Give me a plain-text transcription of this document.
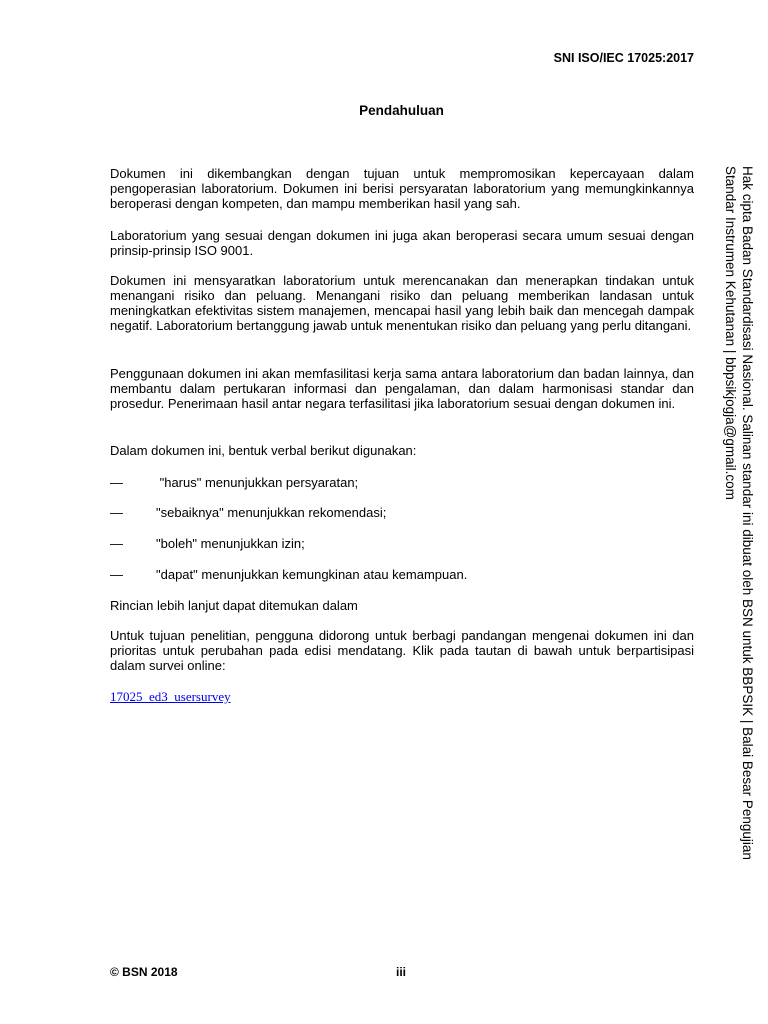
SNI ISO/IEC 17025:2017
Pendahuluan

Dokumen ini dikembangkan dengan tujuan untuk mempromosikan kepercayaan dalam pengoperasian laboratorium. Dokumen ini berisi persyaratan laboratorium yang memungkinkannya beroperasi dengan kompeten, dan mampu memberikan hasil yang sah.

Laboratorium yang sesuai dengan dokumen ini juga akan beroperasi secara umum sesuai dengan prinsip-prinsip ISO 9001.

Dokumen ini mensyaratkan laboratorium untuk merencanakan dan menerapkan tindakan untuk menangani risiko dan peluang. Menangani risiko dan peluang memberikan landasan untuk meningkatkan efektivitas sistem manajemen, mencapai hasil yang lebih baik dan mencegah dampak negatif. Laboratorium bertanggung jawab untuk menentukan risiko dan peluang yang perlu ditangani.

Penggunaan dokumen ini akan memfasilitasi kerja sama antara laboratorium dan badan lainnya, dan membantu dalam pertukaran informasi dan pengalaman, dan dalam harmonisasi standar dan prosedur. Penerimaan hasil antar negara terfasilitasi jika laboratorium sesuai dengan dokumen ini.

Dalam dokumen ini, bentuk verbal berikut digunakan:

—	"harus" menunjukkan persyaratan;
—	"sebaiknya" menunjukkan rekomendasi;
—	"boleh" menunjukkan izin;
—	"dapat" menunjukkan kemungkinan atau kemampuan.

Rincian lebih lanjut dapat ditemukan dalam

Untuk tujuan penelitian, pengguna didorong untuk berbagi pandangan mengenai dokumen ini dan prioritas untuk perubahan pada edisi mendatang. Klik pada tautan di bawah untuk berpartisipasi dalam survei online:

17025_ed3_usersurvey	Hak cipta Badan Standardisasi Nasional. Salinan standar ini dibuat oleh BSN untuk BBPSIK | Balai Besar Pengujian
Standar Instrumen Kehutanan | bbpsikjogja@gmail.com
© BSN 2018	iii
